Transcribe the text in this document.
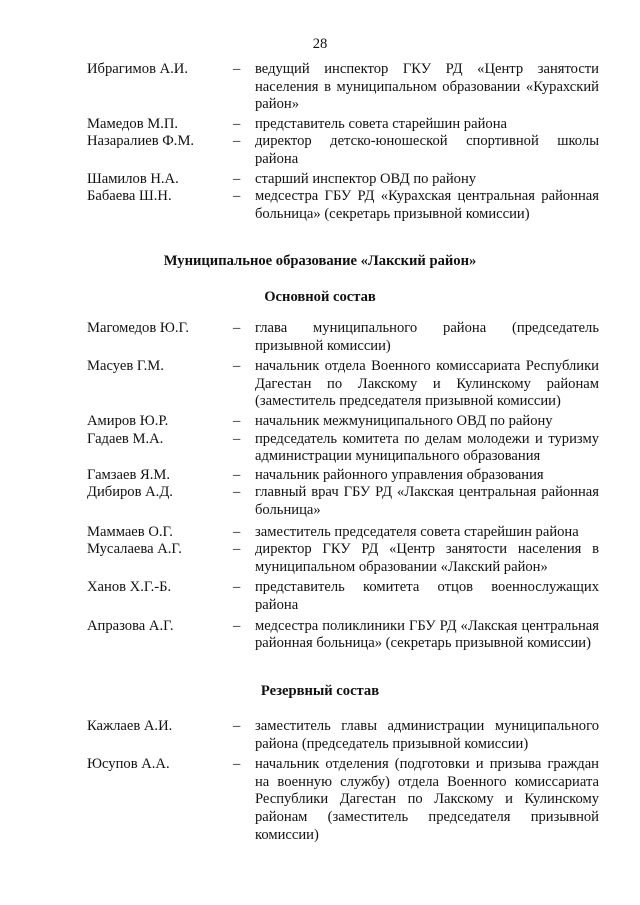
28
Ибрагимов А.И.	–	ведущий инспектор ГКУ РД «Центр занятости населения в муниципальном образовании «Курахский район»
Мамедов М.П.	–	представитель совета старейшин района
Назаралиев Ф.М.	–	директор детско-юношеской спортивной школы района
Шамилов Н.А.	–	старший инспектор ОВД по району
Бабаева Ш.Н.	–	медсестра ГБУ РД «Курахская центральная районная больница» (секретарь призывной комиссии)
Муниципальное образование «Лакский район»
Основной состав
Магомедов Ю.Г.	–	глава муниципального района (председатель призывной комиссии)
Масуев Г.М.	–	начальник отдела Военного комиссариата Республики Дагестан по Лакскому и Кулинскому районам (заместитель председателя призывной комиссии)
Амиров Ю.Р.	–	начальник межмуниципального ОВД по району
Гадаев М.А.	–	председатель комитета по делам молодежи и туризму администрации муниципального образования
Гамзаев Я.М.	–	начальник районного управления образования
Дибиров А.Д.	–	главный врач ГБУ РД «Лакская центральная районная больница»
Маммаев О.Г.	–	заместитель председателя совета старейшин района
Мусалаева А.Г.	–	директор ГКУ РД «Центр занятости населения в муниципальном образовании «Лакский район»
Ханов Х.Г.-Б.	–	представитель комитета отцов военнослужащих района
Апразова А.Г.	–	медсестра поликлиники ГБУ РД «Лакская центральная районная больница» (секретарь призывной комиссии)
Резервный состав
Кажлаев А.И.	–	заместитель главы администрации муниципального района (председатель призывной комиссии)
Юсупов А.А.	–	начальник отделения (подготовки и призыва граждан на военную службу) отдела Военного комиссариата Республики Дагестан по Лакскому и Кулинскому районам (заместитель председателя призывной комиссии)
